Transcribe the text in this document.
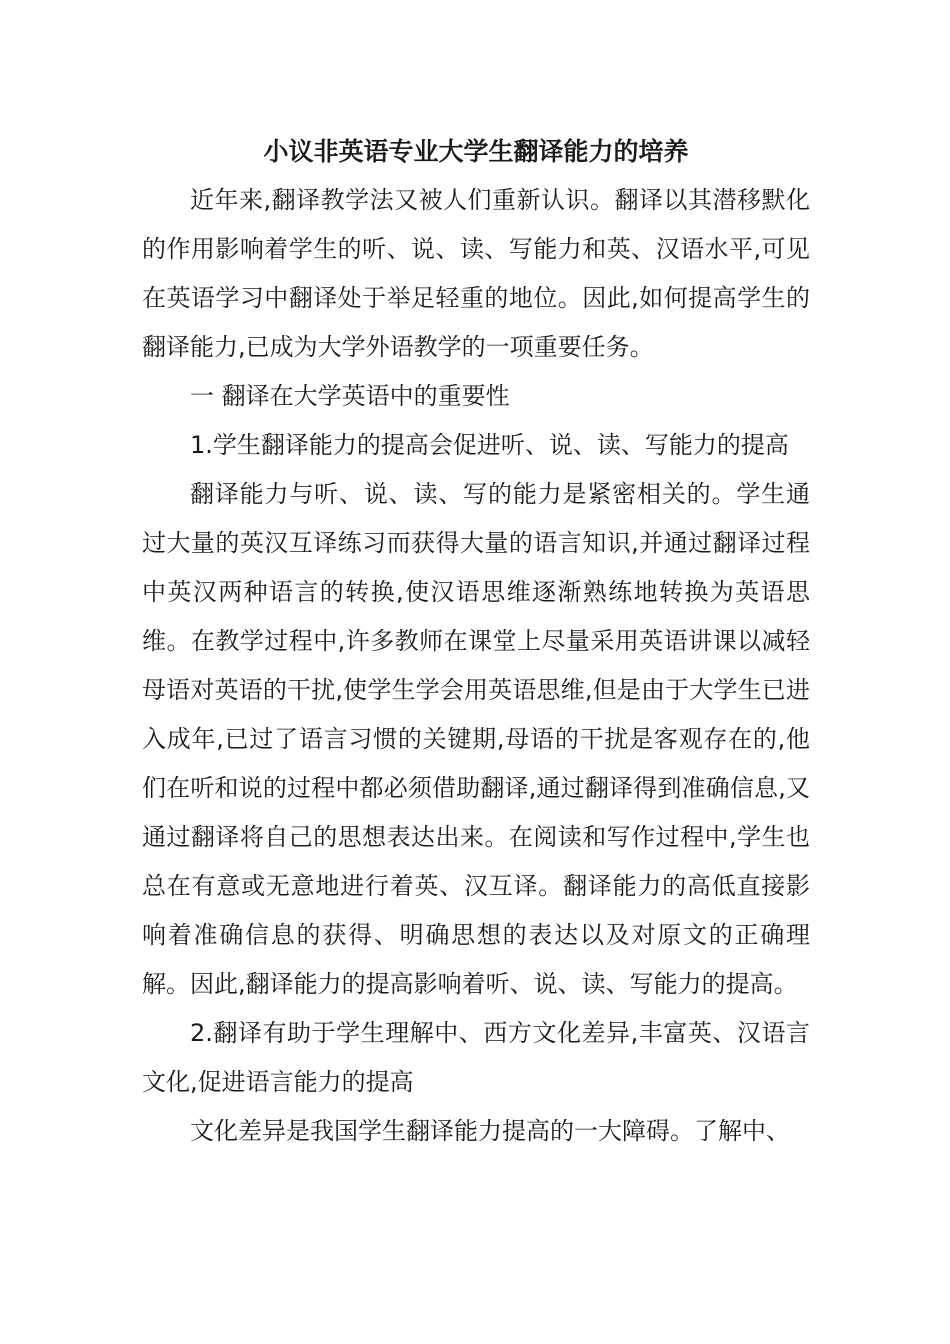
小议非英语专业大学生翻译能力的培养

近年来,翻译教学法又被人们重新认识。翻译以其潜移默化的作用影响着学生的听、说、读、写能力和英、汉语水平,可见在英语学习中翻译处于举足轻重的地位。因此,如何提高学生的翻译能力,已成为大学外语教学的一项重要任务。

一 翻译在大学英语中的重要性

1.学生翻译能力的提高会促进听、说、读、写能力的提高

翻译能力与听、说、读、写的能力是紧密相关的。学生通过大量的英汉互译练习而获得大量的语言知识,并通过翻译过程中英汉两种语言的转换,使汉语思维逐渐熟练地转换为英语思维。在教学过程中,许多教师在课堂上尽量采用英语讲课以减轻母语对英语的干扰,使学生学会用英语思维,但是由于大学生已进入成年,已过了语言习惯的关键期,母语的干扰是客观存在的,他们在听和说的过程中都必须借助翻译,通过翻译得到准确信息,又通过翻译将自己的思想表达出来。在阅读和写作过程中,学生也总在有意或无意地进行着英、汉互译。翻译能力的高低直接影响着准确信息的获得、明确思想的表达以及对原文的正确理解。因此,翻译能力的提高影响着听、说、读、写能力的提高。

2.翻译有助于学生理解中、西方文化差异,丰富英、汉语言文化,促进语言能力的提高

文化差异是我国学生翻译能力提高的一大障碍。了解中、
